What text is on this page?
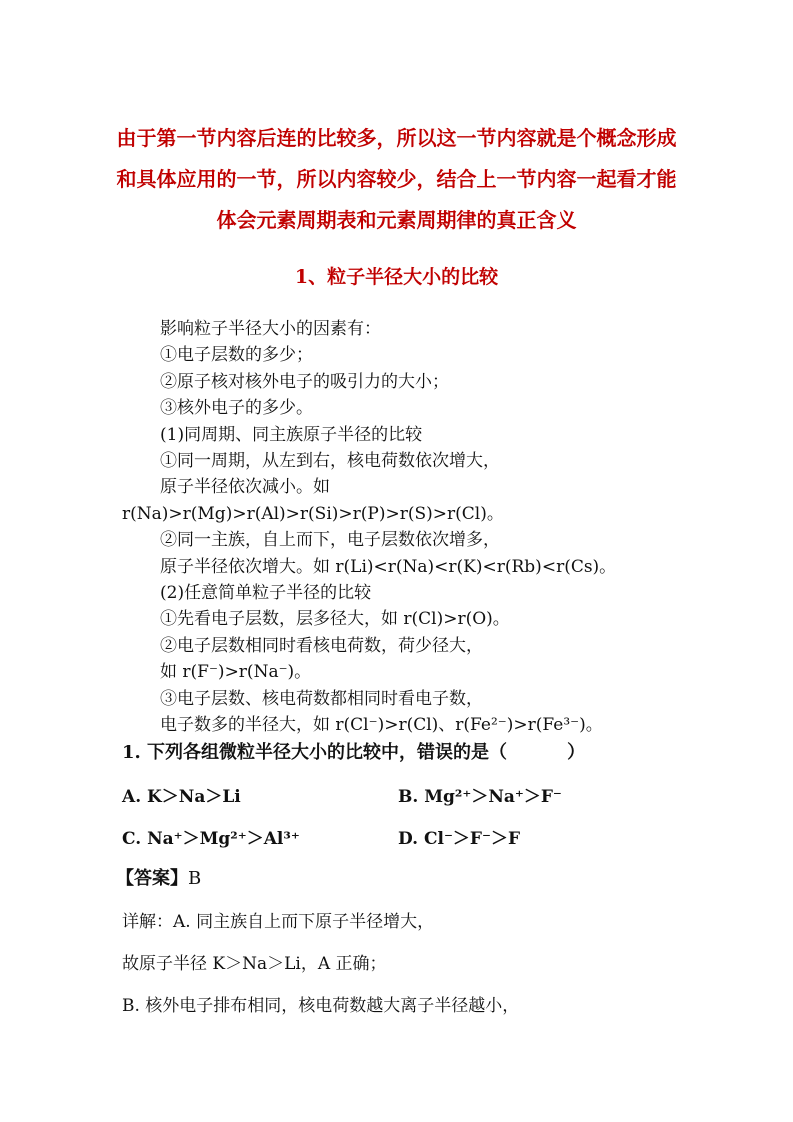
由于第一节内容后连的比较多，所以这一节内容就是个概念形成
和具体应用的一节，所以内容较少，结合上一节内容一起看才能
体会元素周期表和元素周期律的真正含义
1、粒子半径大小的比较
影响粒子半径大小的因素有：
①电子层数的多少；
②原子核对核外电子的吸引力的大小；
③核外电子的多少。
(1)同周期、同主族原子半径的比较
①同一周期，从左到右，核电荷数依次增大，
原子半径依次减小。如
r(Na)>r(Mg)>r(Al)>r(Si)>r(P)>r(S)>r(Cl)。
②同一主族，自上而下，电子层数依次增多，
原子半径依次增大。如 r(Li)<r(Na)<r(K)<r(Rb)<r(Cs)。
(2)任意简单粒子半径的比较
①先看电子层数，层多径大，如 r(Cl)>r(O)。
②电子层数相同时看核电荷数，荷少径大，
如 r(F⁻)>r(Na⁻)。
③电子层数、核电荷数都相同时看电子数，
电子数多的半径大，如 r(Cl⁻)>r(Cl)、r(Fe²⁻)>r(Fe³⁻)。
1. 下列各组微粒半径大小的比较中，错误的是（	）
A. K＞Na＞Li	B. Mg²⁺＞Na⁺＞F⁻
C. Na⁺＞Mg²⁺＞Al³⁺	D. Cl⁻＞F⁻＞F
【答案】B
详解：A. 同主族自上而下原子半径增大，
故原子半径 K＞Na＞Li，A 正确；
B. 核外电子排布相同，核电荷数越大离子半径越小，
